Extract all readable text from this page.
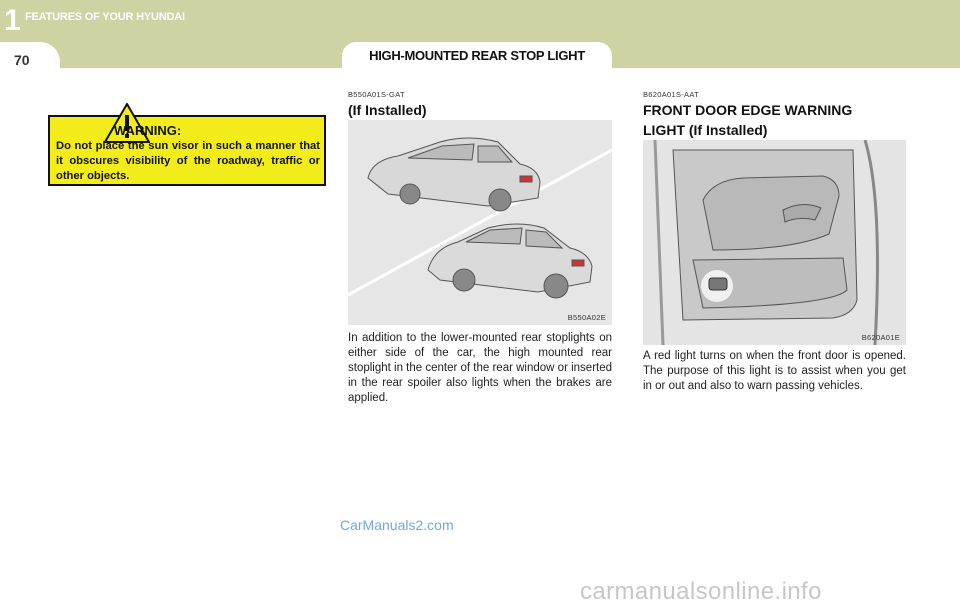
1 FEATURES OF YOUR HYUNDAI
70	HIGH-MOUNTED REAR STOP LIGHT
WARNING:
Do not place the sun visor in such a manner that it obscures visibility of the roadway, traffic or other objects.
B550A01S-GAT
(If Installed)
B550A02E
In addition to the lower-mounted rear stoplights on either side of the car, the high mounted rear stoplight in the center of the rear window or inserted in the rear spoiler also lights when the brakes are applied.
B620A01S-AAT
FRONT DOOR EDGE WARNING
LIGHT (If Installed)
B620A01E
A red light turns on when the front door is opened. The purpose of this light is to assist when you get in or out and also to warn passing vehicles.
CarManuals2.com
carmanualsonline.info
